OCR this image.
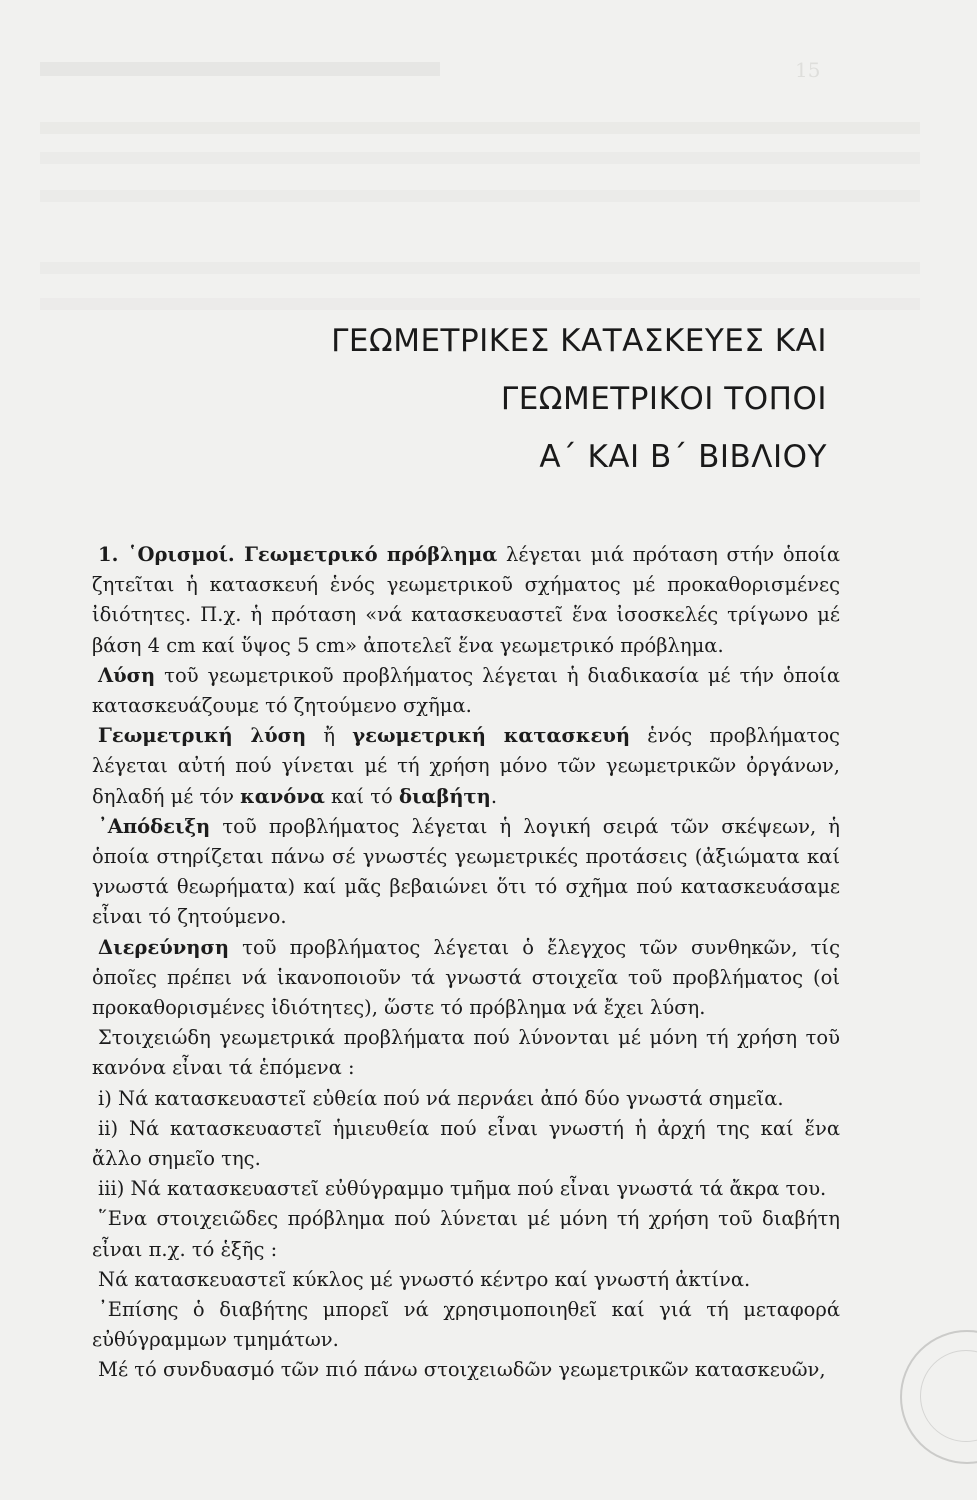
15
ΓΕΩΜΕΤΡΙΚΕΣ ΚΑΤΑΣΚΕΥΕΣ ΚΑΙ
ΓΕΩΜΕΤΡΙΚΟΙ ΤΟΠΟΙ
Α΄ ΚΑΙ Β΄ ΒΙΒΛΙΟΥ

1. ῾Ορισμοί. Γεωμετρικό πρόβλημα λέγεται μιά πρόταση στήν ὁποία ζητεῖται ἡ κατασκευή ἑνός γεωμετρικοῦ σχήματος μέ προκαθορισμένες ἰδιότητες. Π.χ. ἡ πρόταση «νά κατασκευαστεῖ ἕνα ἰσοσκελές τρίγωνο μέ βάση 4 cm καί ὕψος 5 cm» ἀποτελεῖ ἕνα γεωμετρικό πρόβλημα.

Λύση τοῦ γεωμετρικοῦ προβλήματος λέγεται ἡ διαδικασία μέ τήν ὁποία κατασκευάζουμε τό ζητούμενο σχῆμα.

Γεωμετρική λύση ἤ γεωμετρική κατασκευή ἑνός προβλήματος λέγεται αὐτή πού γίνεται μέ τή χρήση μόνο τῶν γεωμετρικῶν ὀργάνων, δηλαδή μέ τόν κανόνα καί τό διαβήτη.

᾿Απόδειξη τοῦ προβλήματος λέγεται ἡ λογική σειρά τῶν σκέψεων, ἡ ὁποία στηρίζεται πάνω σέ γνωστές γεωμετρικές προτάσεις (ἀξιώματα καί γνωστά θεωρήματα) καί μᾶς βεβαιώνει ὅτι τό σχῆμα πού κατασκευάσαμε εἶναι τό ζητούμενο.

Διερεύνηση τοῦ προβλήματος λέγεται ὁ ἔλεγχος τῶν συνθηκῶν, τίς ὁποῖες πρέπει νά ἱκανοποιοῦν τά γνωστά στοιχεῖα τοῦ προβλήματος (οἱ προκαθορισμένες ἰδιότητες), ὥστε τό πρόβλημα νά ἔχει λύση.

Στοιχειώδη γεωμετρικά προβλήματα πού λύνονται μέ μόνη τή χρήση τοῦ κανόνα εἶναι τά ἑπόμενα :

i) Νά κατασκευαστεῖ εὐθεία πού νά περνάει ἀπό δύο γνωστά σημεῖα.

ii) Νά κατασκευαστεῖ ἡμιευθεία πού εἶναι γνωστή ἡ ἀρχή της καί ἕνα ἄλλο σημεῖο της.

iii) Νά κατασκευαστεῖ εὐθύγραμμο τμῆμα πού εἶναι γνωστά τά ἄκρα του.

῞Ενα στοιχειῶδες πρόβλημα πού λύνεται μέ μόνη τή χρήση τοῦ διαβήτη εἶναι π.χ. τό ἑξῆς :

Νά κατασκευαστεῖ κύκλος μέ γνωστό κέντρο καί γνωστή ἀκτίνα.

᾿Επίσης ὁ διαβήτης μπορεῖ νά χρησιμοποιηθεῖ καί γιά τή μεταφορά εὐθύγραμμων τμημάτων.

Μέ τό συνδυασμό τῶν πιό πάνω στοιχειωδῶν γεωμετρικῶν κατασκευῶν,
